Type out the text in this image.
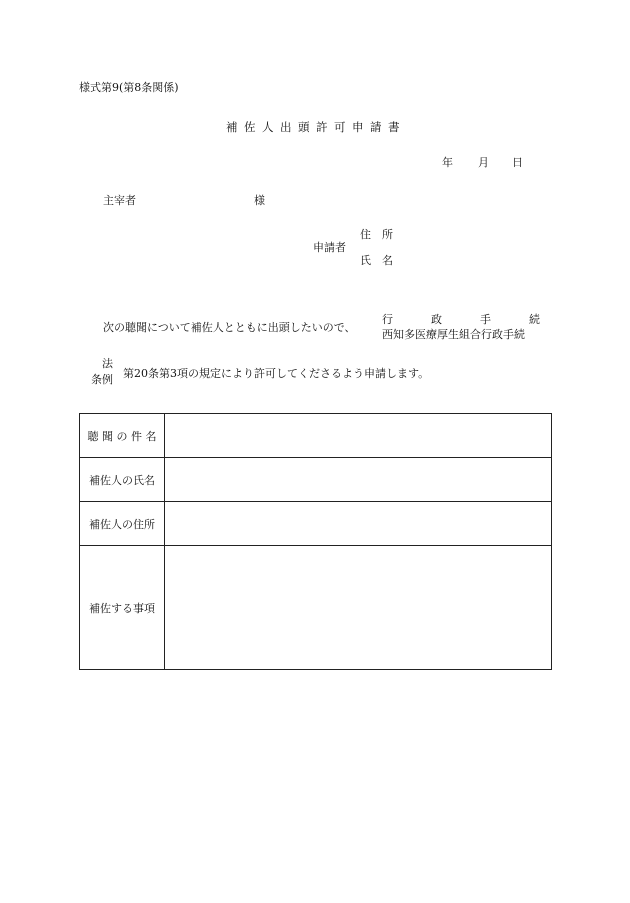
様式第9(第8条関係)
補佐人出頭許可申請書
年 月 日
主宰者	様
申請者
住　所
氏　名
次の聴聞について補佐人とともに出頭したいので、
行	政	手	続
西知多医療厚生組合行政手続
法
条例 第20条第3項の規定により許可してくださるよう申請します。
聴 聞 の 件 名	
補佐人の氏名	
補佐人の住所	
補佐する事項	
